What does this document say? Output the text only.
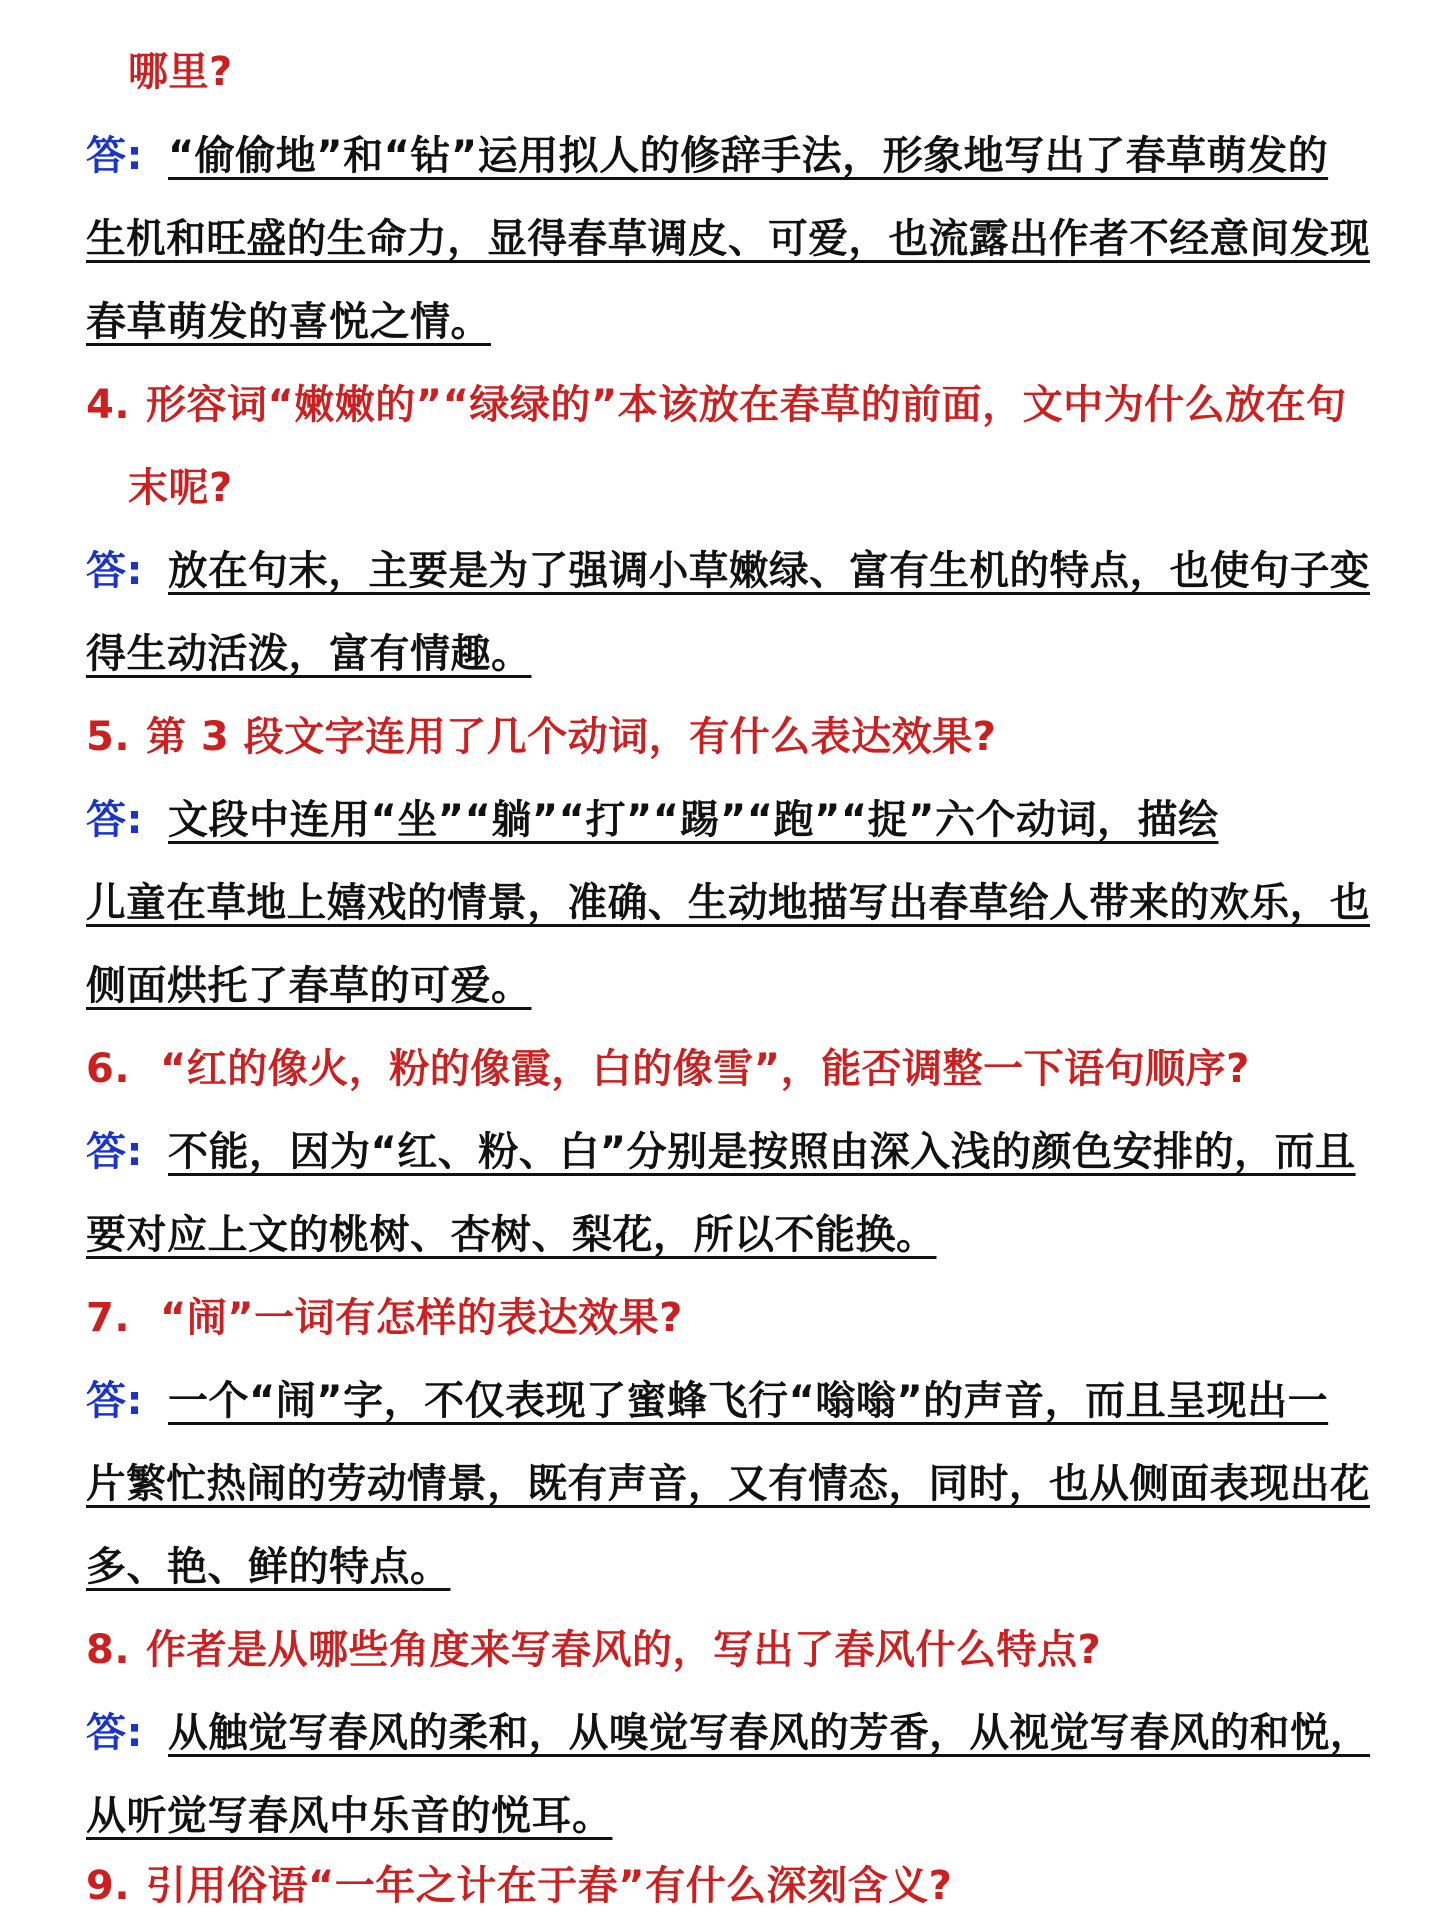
哪里?
答: “偷偷地”和“钻”运用拟人的修辞手法，形象地写出了春草萌发的
生机和旺盛的生命力，显得春草调皮、可爱，也流露出作者不经意间发现
春草萌发的喜悦之情。
4. 形容词“嫩嫩的”“绿绿的”本该放在春草的前面，文中为什么放在句
末呢?
答: 放在句末，主要是为了强调小草嫩绿、富有生机的特点，也使句子变
得生动活泼，富有情趣。
5. 第 3 段文字连用了几个动词，有什么表达效果?
答: 文段中连用“坐”“躺”“打”“踢”“跑”“捉”六个动词，描绘
儿童在草地上嬉戏的情景，准确、生动地描写出春草给人带来的欢乐，也
侧面烘托了春草的可爱。
6. “红的像火，粉的像霞，白的像雪”，能否调整一下语句顺序?
答: 不能，因为“红、粉、白”分别是按照由深入浅的颜色安排的，而且
要对应上文的桃树、杏树、梨花，所以不能换。
7. “闹”一词有怎样的表达效果?
答: 一个“闹”字，不仅表现了蜜蜂飞行“嗡嗡”的声音，而且呈现出一
片繁忙热闹的劳动情景，既有声音，又有情态，同时，也从侧面表现出花
多、艳、鲜的特点。
8. 作者是从哪些角度来写春风的，写出了春风什么特点?
答: 从触觉写春风的柔和，从嗅觉写春风的芳香，从视觉写春风的和悦，
从听觉写春风中乐音的悦耳。
9. 引用俗语“一年之计在于春”有什么深刻含义?
